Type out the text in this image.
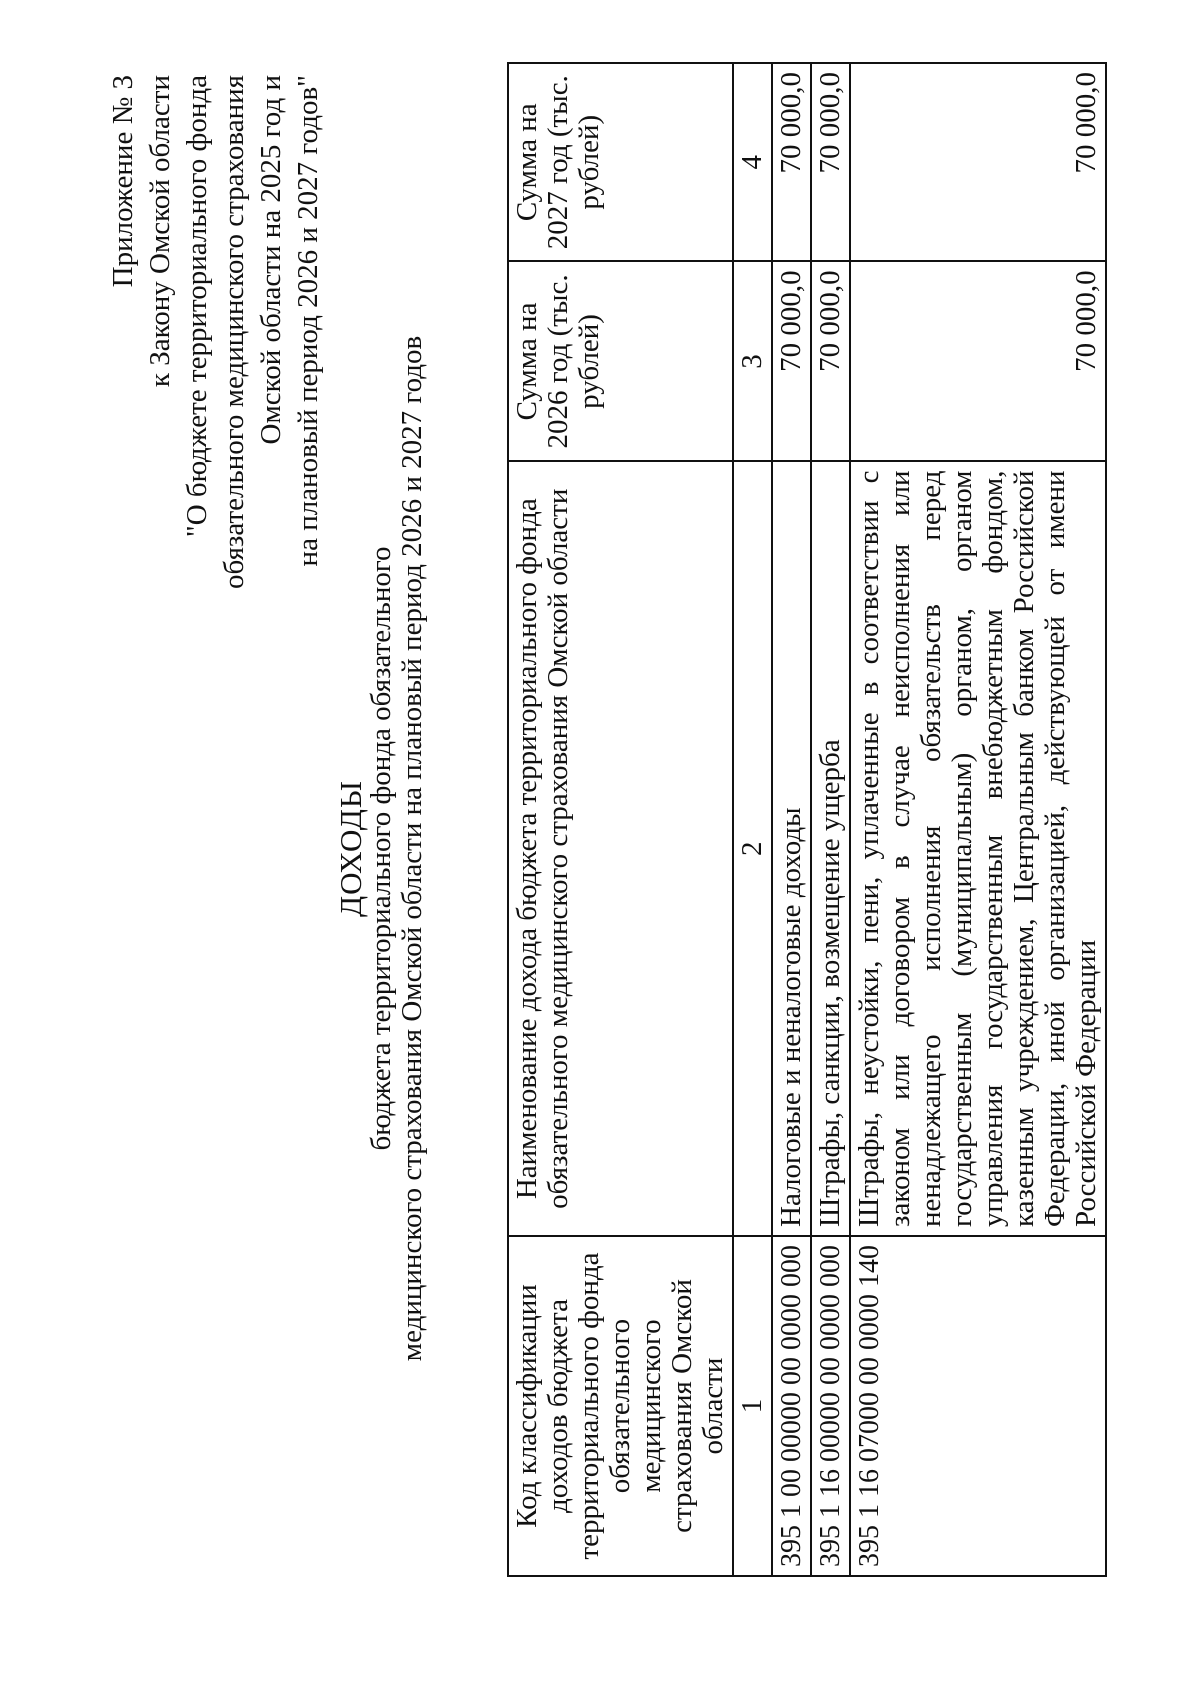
Приложение № 3 к Закону Омской области "О бюджете территориального фонда обязательного медицинского страхования Омской области на 2025 год и на плановый период 2026 и 2027 годов"
ДОХОДЫ
бюджета территориального фонда обязательного медицинского страхования Омской области на плановый период 2026 и 2027 годов
Код классификации доходов бюджета территориального фонда обязательного медицинского страхования Омской области	Наименование дохода бюджета территориального фонда обязательного медицинского страхования Омской области	Сумма на 2026 год (тыс. рублей)	Сумма на 2027 год (тыс. рублей)
1	2	3	4
395 1 00 00000 00 0000 000	Налоговые и неналоговые доходы	70 000,0	70 000,0
395 1 16 00000 00 0000 000	Штрафы, санкции, возмещение ущерба	70 000,0	70 000,0
395 1 16 07000 00 0000 140	Штрафы, неустойки, пени, уплаченные в соответствии с законом или договором в случае неисполнения или ненадлежащего исполнения обязательств перед государственным (муниципальным) органом, органом управления государственным внебюджетным фондом, казенным учреждением, Центральным банком Российской Федерации, иной организацией, действующей от имени Российской Федерации	70 000,0	70 000,0
